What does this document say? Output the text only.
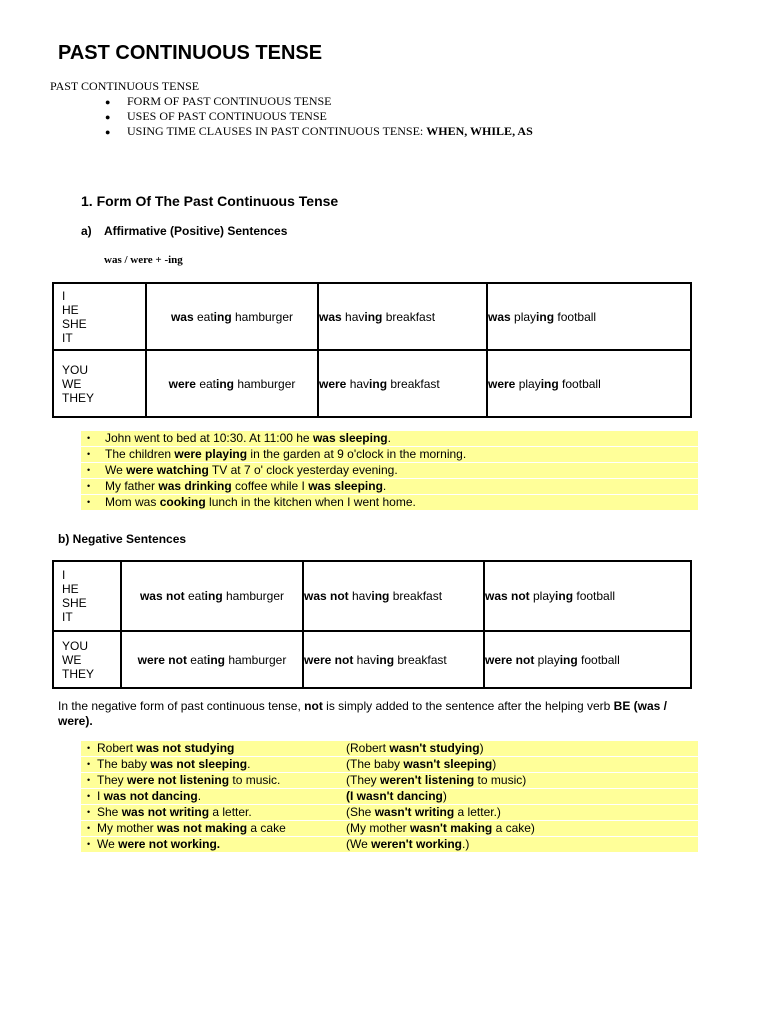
PAST CONTINUOUS TENSE
PAST CONTINUOUS TENSE
● FORM OF PAST CONTINUOUS TENSE
● USES OF PAST CONTINUOUS TENSE
● USING TIME CLAUSES IN PAST CONTINUOUS TENSE: WHEN, WHILE, AS
1. Form Of The Past Continuous Tense
a) Affirmative (Positive) Sentences
was / were + -ing
I
HE
SHE
IT	was eating hamburger	was having breakfast	was playing football

YOU
WE
THEY	were eating hamburger	were having breakfast	were playing football
• John went to bed at 10:30. At 11:00 he was sleeping.
• The children were playing in the garden at 9 o'clock in the morning.
• We were watching TV at 7 o' clock yesterday evening.
• My father was drinking coffee while I was sleeping.
• Mom was cooking lunch in the kitchen when I went home.
b) Negative Sentences
I
HE
SHE
IT	was not eating hamburger	was not having breakfast	was not playing football

YOU
WE
THEY	were not eating hamburger	were not having breakfast	were not playing football
In the negative form of past continuous tense, not is simply added to the sentence after the helping verb BE (was / were).
• Robert was not studying	(Robert wasn't studying)
• The baby was not sleeping.	(The baby wasn't sleeping)
• They were not listening to music.	(They weren't listening to music)
• I was not dancing.	(I wasn't dancing)
• She was not writing a letter.	(She wasn't writing a letter.)
• My mother was not making a cake	(My mother wasn't making a cake)
• We were not working.	(We weren't working.)
